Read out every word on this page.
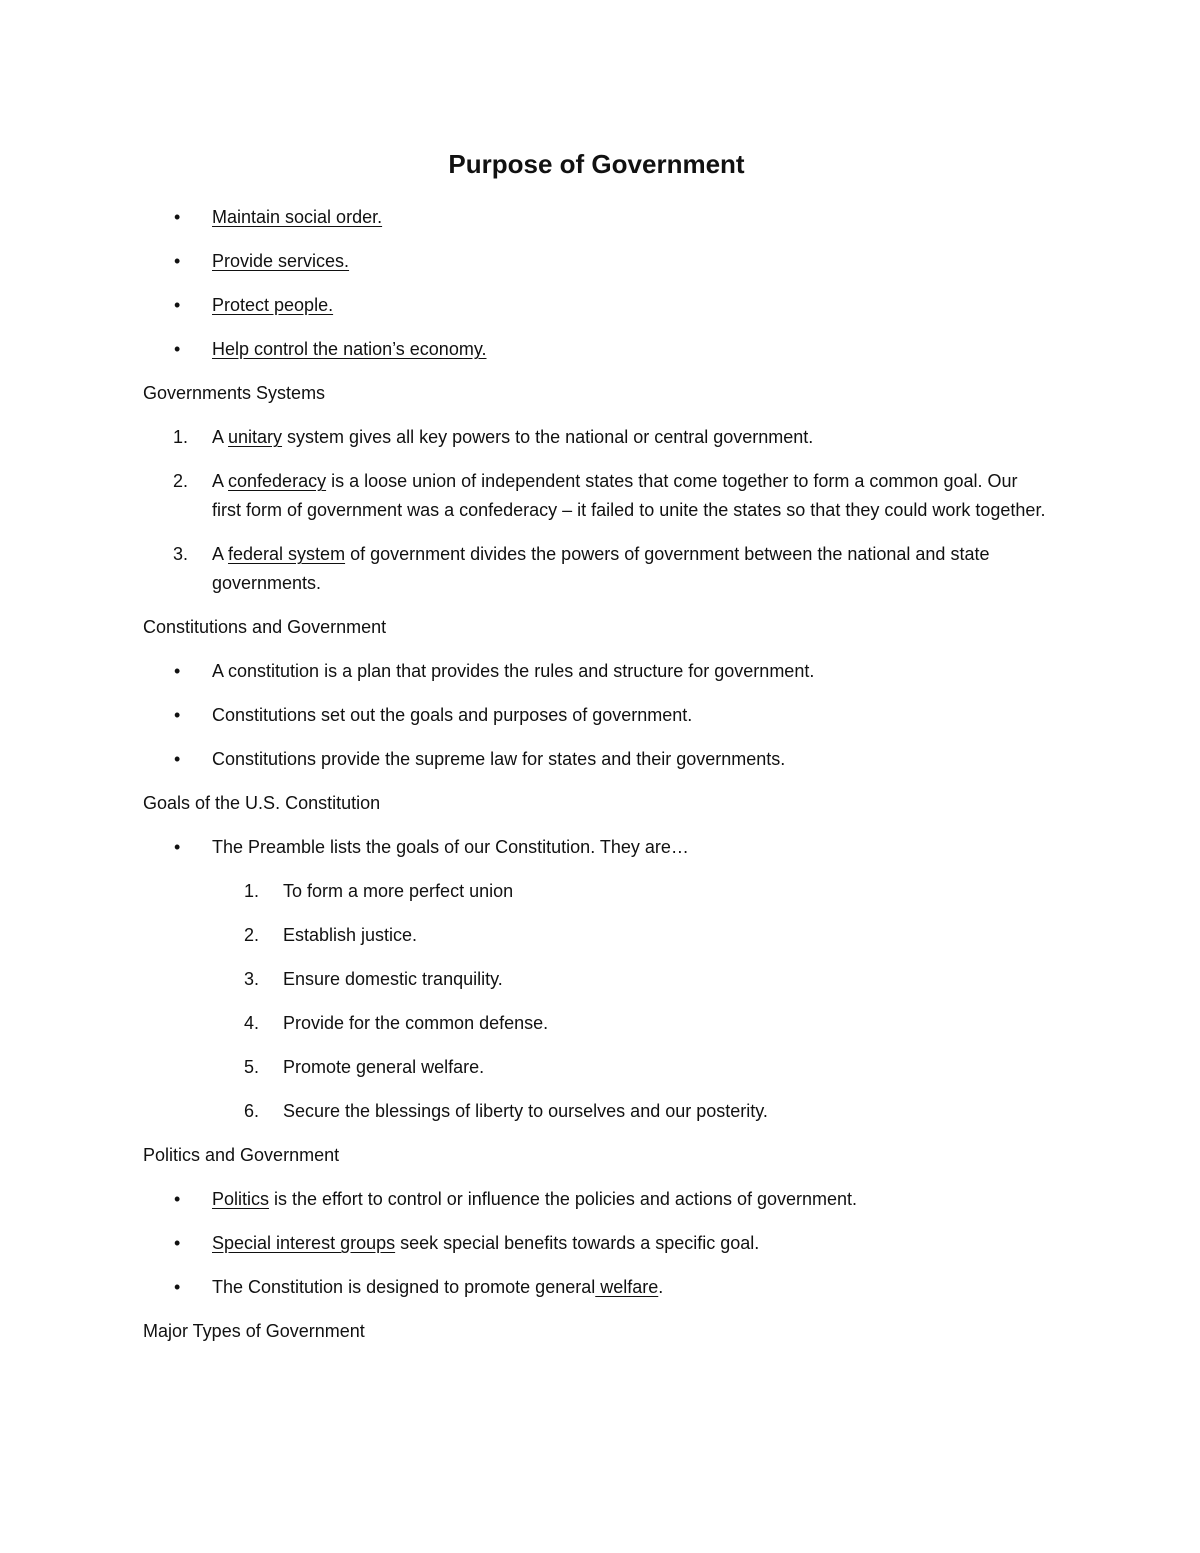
Purpose of Government
• Maintain social order.
• Provide services.
• Protect people.
• Help control the nation’s economy.

Governments Systems

1. A unitary system gives all key powers to the national or central government.
2. A confederacy is a loose union of independent states that come together to form a common goal. Our first form of government was a confederacy – it failed to unite the states so that they could work together.
3. A federal system of government divides the powers of government between the national and state governments.

Constitutions and Government

• A constitution is a plan that provides the rules and structure for government.
• Constitutions set out the goals and purposes of government.
• Constitutions provide the supreme law for states and their governments.

Goals of the U.S. Constitution

• The Preamble lists the goals of our Constitution. They are…
1. To form a more perfect union
2. Establish justice.
3. Ensure domestic tranquility.
4. Provide for the common defense.
5. Promote general welfare.
6. Secure the blessings of liberty to ourselves and our posterity.

Politics and Government

• Politics is the effort to control or influence the policies and actions of government.
• Special interest groups seek special benefits towards a specific goal.
• The Constitution is designed to promote general welfare.

Major Types of Government
